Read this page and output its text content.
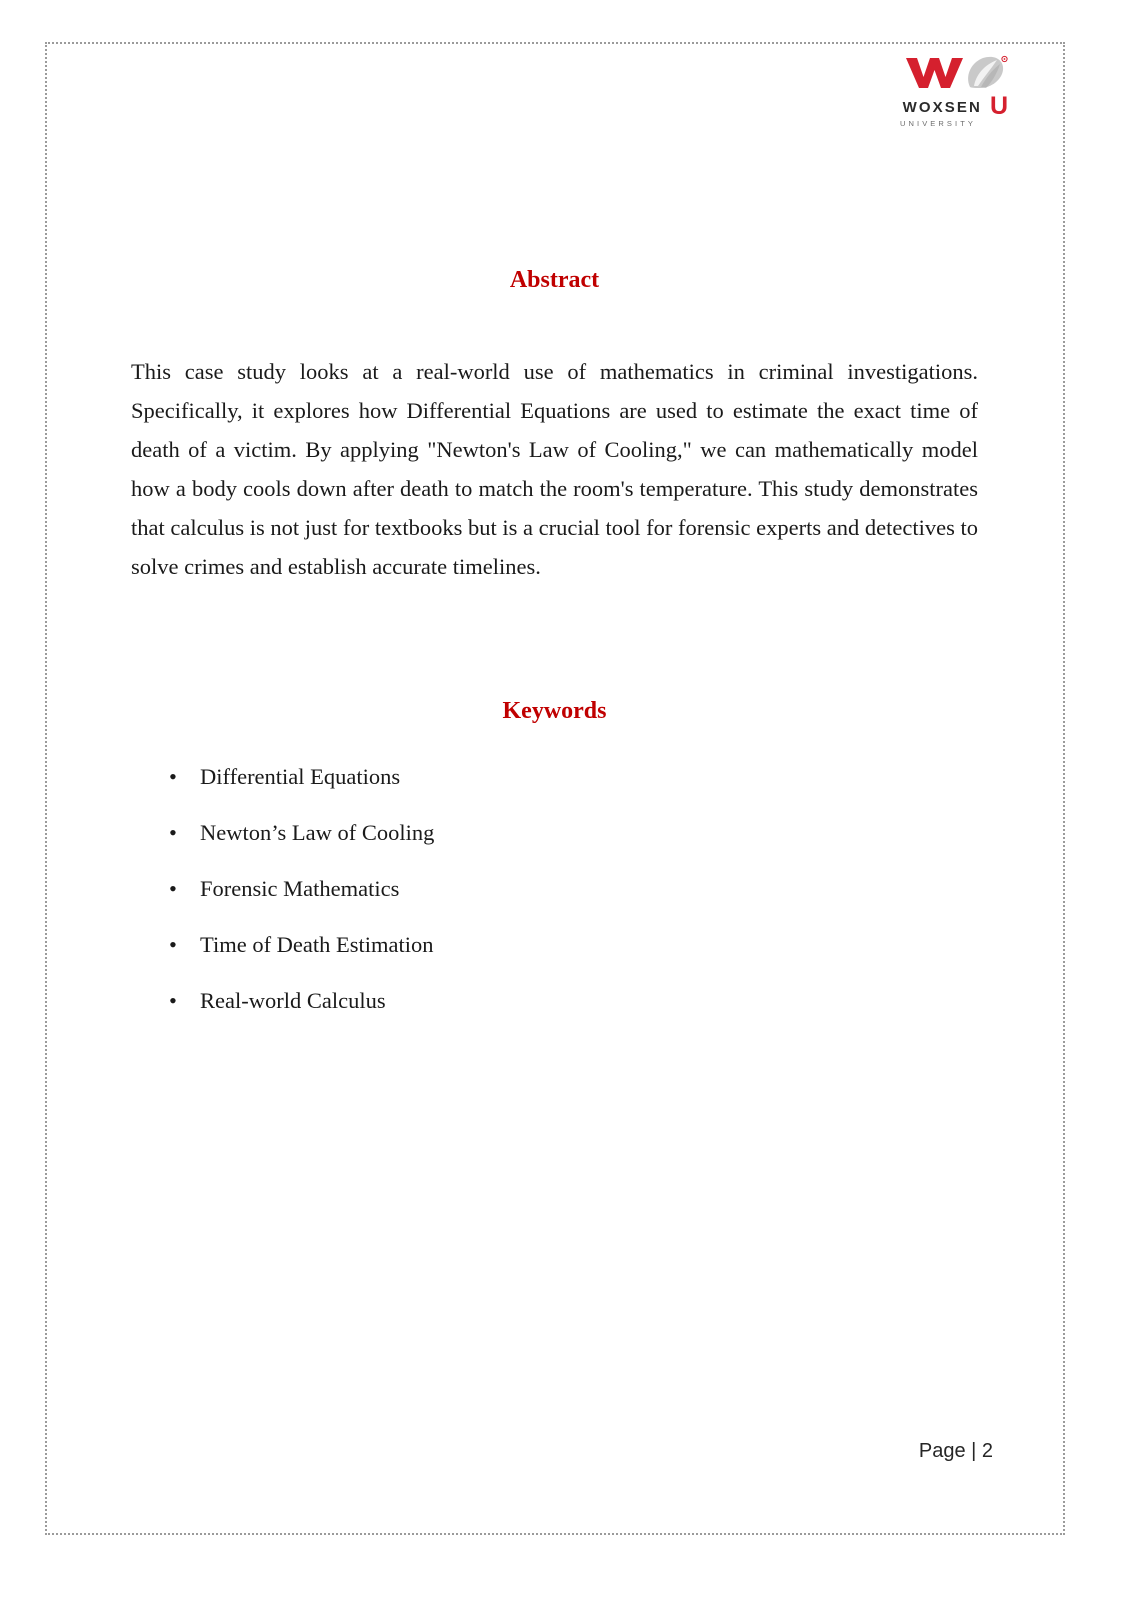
WOXSEN U
UNIVERSITY
Abstract

This case study looks at a real-world use of mathematics in criminal investigations. Specifically, it explores how Differential Equations are used to estimate the exact time of death of a victim. By applying "Newton's Law of Cooling," we can mathematically model how a body cools down after death to match the room's temperature. This study demonstrates that calculus is not just for textbooks but is a crucial tool for forensic experts and detectives to solve crimes and establish accurate timelines.

Keywords
• Differential Equations
• Newton’s Law of Cooling
• Forensic Mathematics
• Time of Death Estimation
• Real-world Calculus
Page | 2
